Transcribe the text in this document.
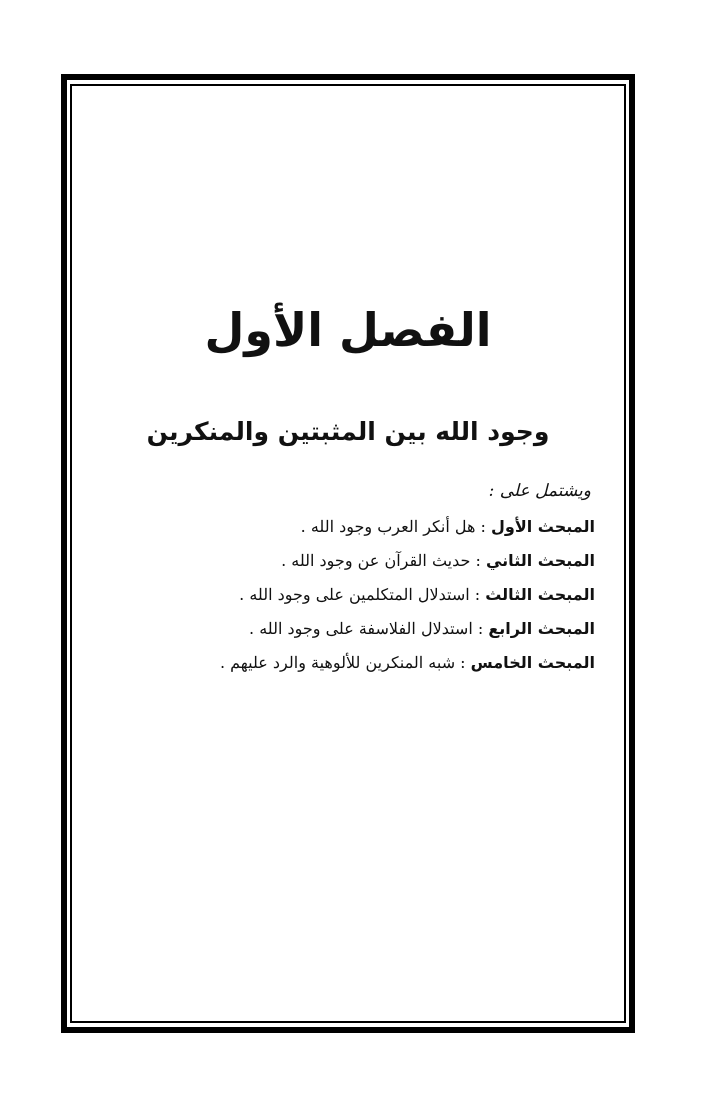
الفصل الأول
وجود الله بين المثبتين والمنكرين
ويشتمل على :
المبحث الأول : هل أنكر العرب وجود الله .
المبحث الثاني : حديث القرآن عن وجود الله .
المبحث الثالث : استدلال المتكلمين على وجود الله .
المبحث الرابع : استدلال الفلاسفة على وجود الله .
المبحث الخامس : شبه المنكرين للألوهية والرد عليهم .
